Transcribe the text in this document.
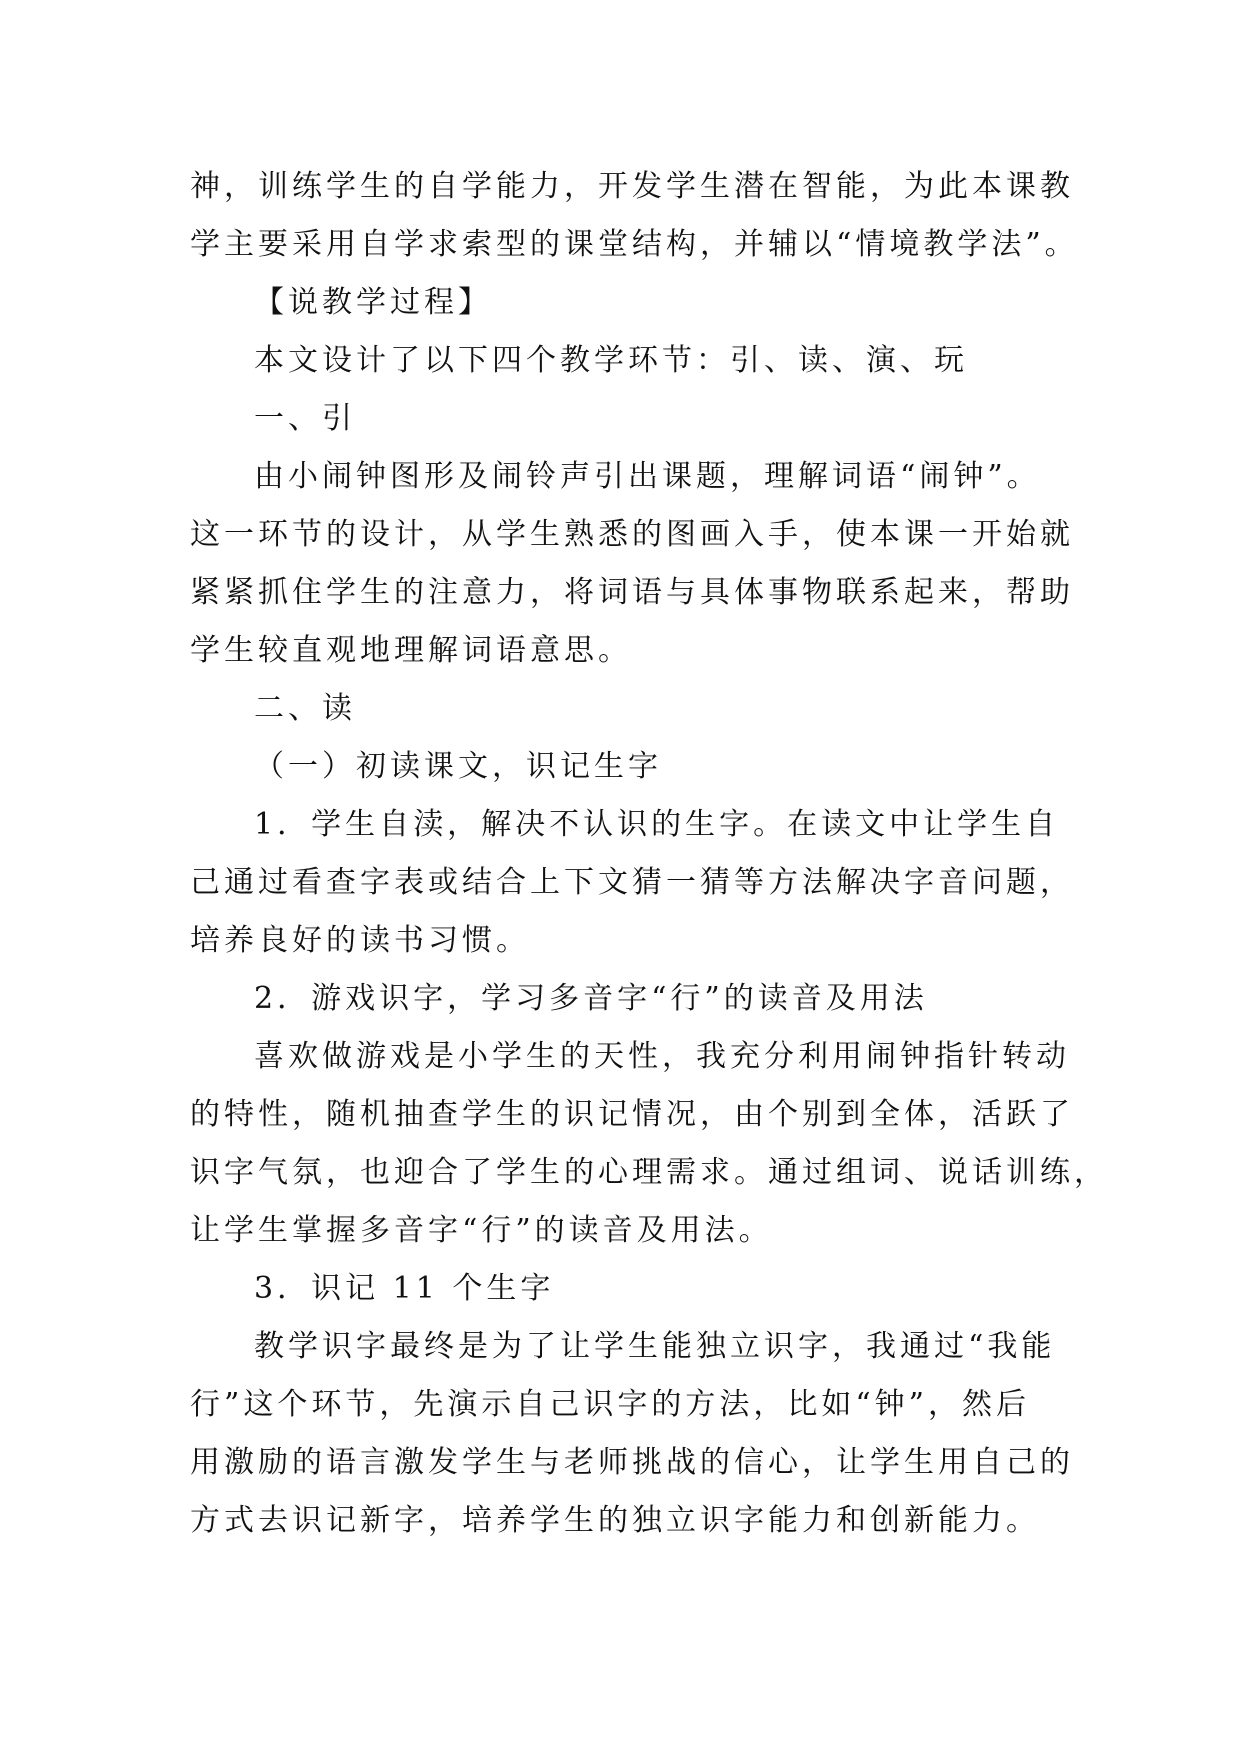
神，训练学生的自学能力，开发学生潜在智能，为此本课教
学主要采用自学求索型的课堂结构，并辅以“情境教学法”。
【说教学过程】
本文设计了以下四个教学环节：引、读、演、玩
一、引
由小闹钟图形及闹铃声引出课题，理解词语“闹钟”。
这一环节的设计，从学生熟悉的图画入手，使本课一开始就
紧紧抓住学生的注意力，将词语与具体事物联系起来，帮助
学生较直观地理解词语意思。
二、读
（一）初读课文，识记生字
1．学生自渎，解决不认识的生字。在读文中让学生自
己通过看查字表或结合上下文猜一猜等方法解决字音问题，
培养良好的读书习惯。
2．游戏识字，学习多音字“行”的读音及用法
喜欢做游戏是小学生的天性，我充分利用闹钟指针转动
的特性，随机抽查学生的识记情况，由个别到全体，活跃了
识字气氛，也迎合了学生的心理需求。通过组词、说话训练，
让学生掌握多音字“行”的读音及用法。
3．识记 11 个生字
教学识字最终是为了让学生能独立识字，我通过“我能
行”这个环节，先演示自己识字的方法，比如“钟”，然后
用激励的语言激发学生与老师挑战的信心，让学生用自己的
方式去识记新字，培养学生的独立识字能力和创新能力。
